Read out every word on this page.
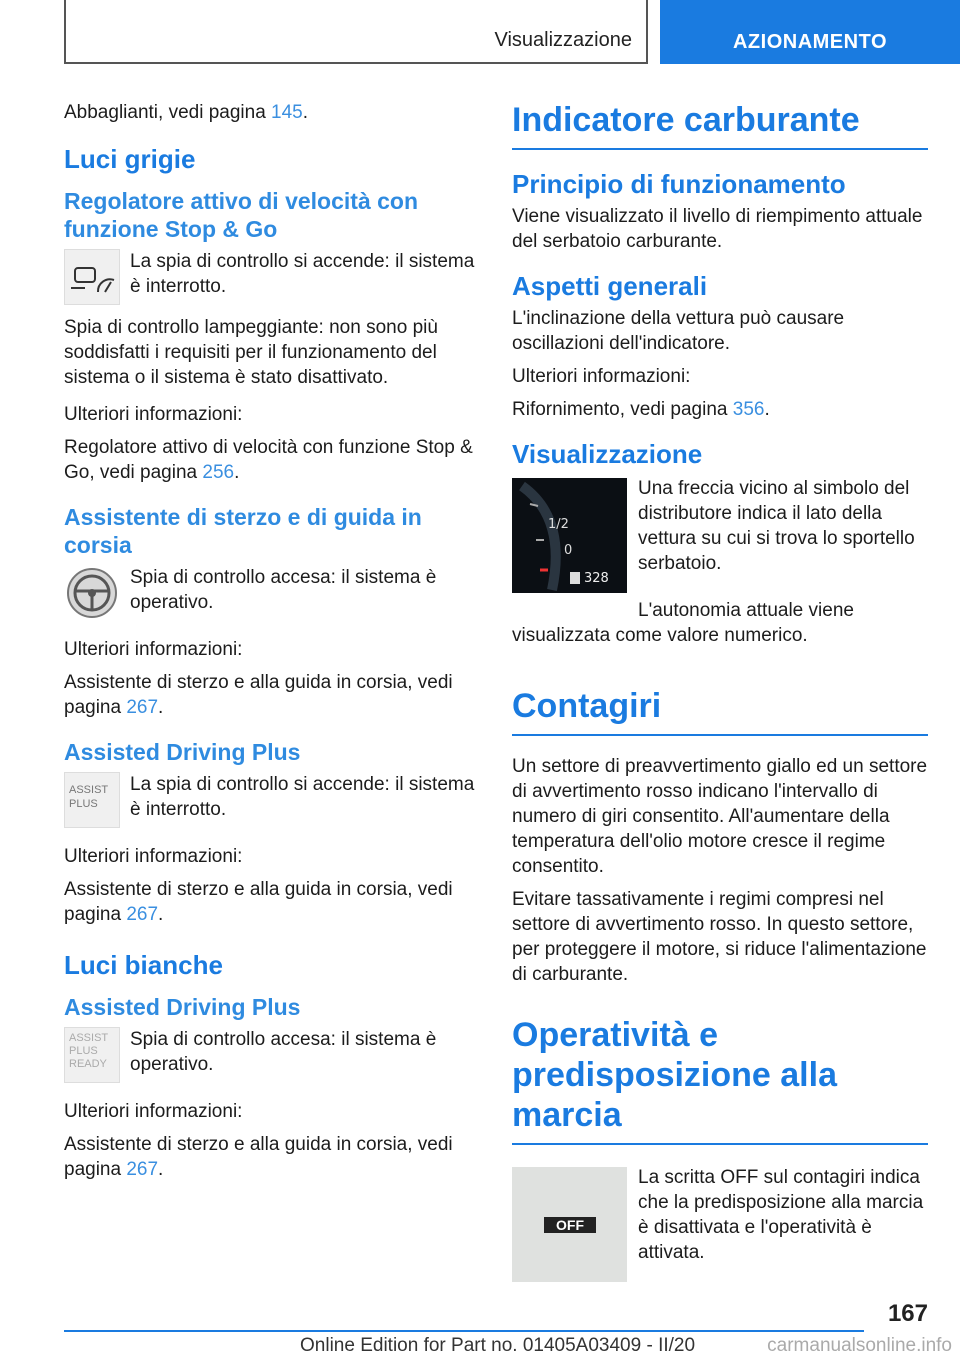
Visualizzazione	AZIONAMENTO

Abbaglianti, vedi pagina 145.

Luci grigie
Regolatore attivo di velocità con funzione Stop & Go

La spia di controllo si accende: il sistema è interrotto.

Spia di controllo lampeggiante: non sono più soddisfatti i requisiti per il funzionamento del sistema o il sistema è stato disattivato.

Ulteriori informazioni:

Regolatore attivo di velocità con funzione Stop & Go, vedi pagina 256.

Assistente di sterzo e di guida in corsia

Spia di controllo accesa: il sistema è operativo.

Ulteriori informazioni:

Assistente di sterzo e alla guida in corsia, vedi pagina 267.

Assisted Driving Plus
ASSIST PLUS

La spia di controllo si accende: il sistema è interrotto.

Ulteriori informazioni:

Assistente di sterzo e alla guida in corsia, vedi pagina 267.

Luci bianche
Assisted Driving Plus
ASSIST PLUS READY

Spia di controllo accesa: il sistema è operativo.

Ulteriori informazioni:

Assistente di sterzo e alla guida in corsia, vedi pagina 267.

Indicatore carburante
Principio di funzionamento

Viene visualizzato il livello di riempimento attuale del serbatoio carburante.

Aspetti generali

L'inclinazione della vettura può causare oscillazioni dell'indicatore.

Ulteriori informazioni:

Rifornimento, vedi pagina 356.

Visualizzazione
1/2
0
328

Una freccia vicino al simbolo del distributore indica il lato della vettura su cui si trova lo sportello serbatoio.

L'autonomia attuale viene visualizzata come valore numerico.

Contagiri

Un settore di preavvertimento giallo ed un settore di avvertimento rosso indicano l'intervallo di numero di giri consentito. All'aumentare della temperatura dell'olio motore cresce il regime consentito.

Evitare tassativamente i regimi compresi nel settore di avvertimento rosso. In questo settore, per proteggere il motore, si riduce l'alimentazione di carburante.

Operatività e predisposizione alla marcia
OFF

La scritta OFF sul contagiri indica che la predisposizione alla marcia è disattivata e l'operatività è attivata.

167
Online Edition for Part no. 01405A03409 - II/20	carmanualsonline.info
